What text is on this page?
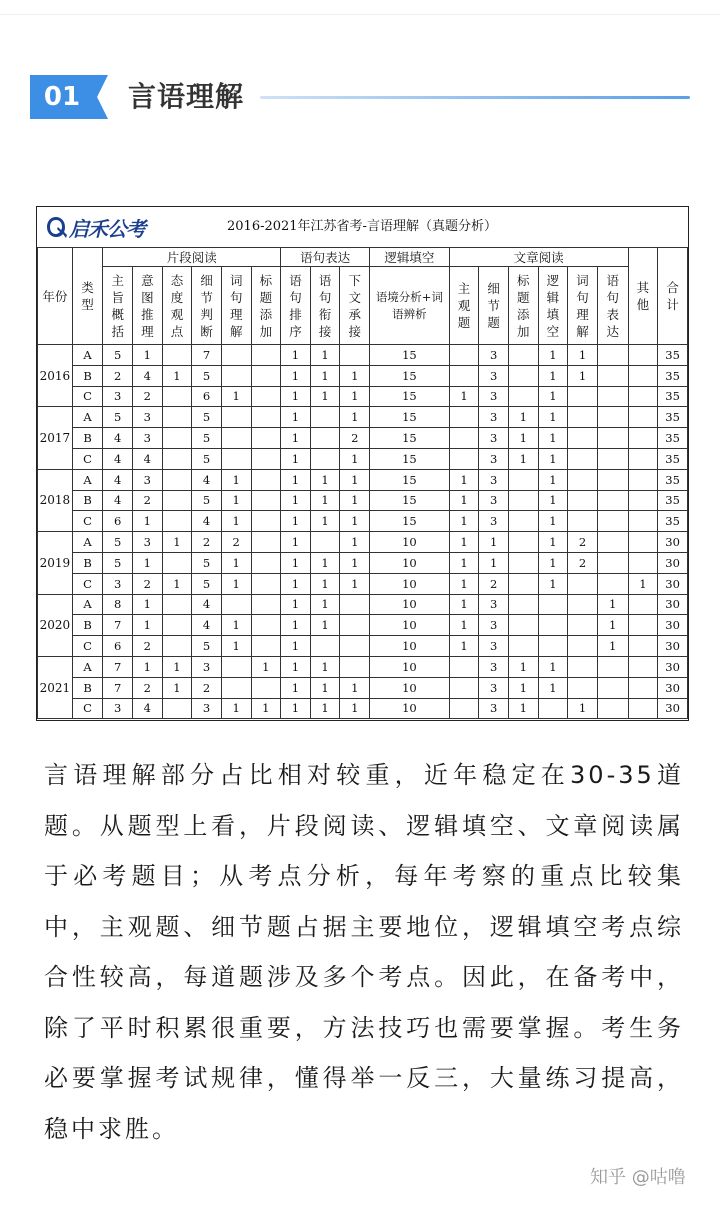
01	言语理解
启禾公考	2016-2021年江苏省考-言语理解（真题分析）
年份	类型	片段阅读						语句表达			逻辑填空	文章阅读						其他	合计
		主旨概括	意图推理	态度观点	细节判断	词句理解	标题添加	语句排序	语句衔接	下文承接	语境分析+词语辨析	主观题	细节题	标题添加	逻辑填空	词句理解	语句表达		
2016	A	5	1		7			1	1		15		3		1	1			35
	B	2	4	1	5			1	1	1	15		3		1	1			35
	C	3	2		6	1		1	1	1	15	1	3		1				35
2017	A	5	3		5			1		1	15		3	1	1				35
	B	4	3		5			1		2	15		3	1	1				35
	C	4	4		5			1		1	15		3	1	1				35
2018	A	4	3		4	1		1	1	1	15	1	3		1				35
	B	4	2		5	1		1	1	1	15	1	3		1				35
	C	6	1		4	1		1	1	1	15	1	3		1				35
2019	A	5	3	1	2	2		1		1	10	1	1		1	2			30
	B	5	1		5	1		1	1	1	10	1	1		1	2			30
	C	3	2	1	5	1		1	1	1	10	1	2		1			1	30
2020	A	8	1		4			1	1		10	1	3				1		30
	B	7	1		4	1		1	1		10	1	3				1		30
	C	6	2		5	1		1			10	1	3				1		30
2021	A	7	1	1	3		1	1	1		10		3	1	1				30
	B	7	2	1	2			1	1	1	10		3	1	1				30
	C	3	4		3	1	1	1	1	1	10		3	1		1			30
言语理解部分占比相对较重，近年稳定在30-35道题。从题型上看，片段阅读、逻辑填空、文章阅读属于必考题目；从考点分析，每年考察的重点比较集中，主观题、细节题占据主要地位，逻辑填空考点综合性较高，每道题涉及多个考点。因此，在备考中，除了平时积累很重要，方法技巧也需要掌握。考生务必要掌握考试规律，懂得举一反三，大量练习提高，稳中求胜。
知乎 @咕噜
